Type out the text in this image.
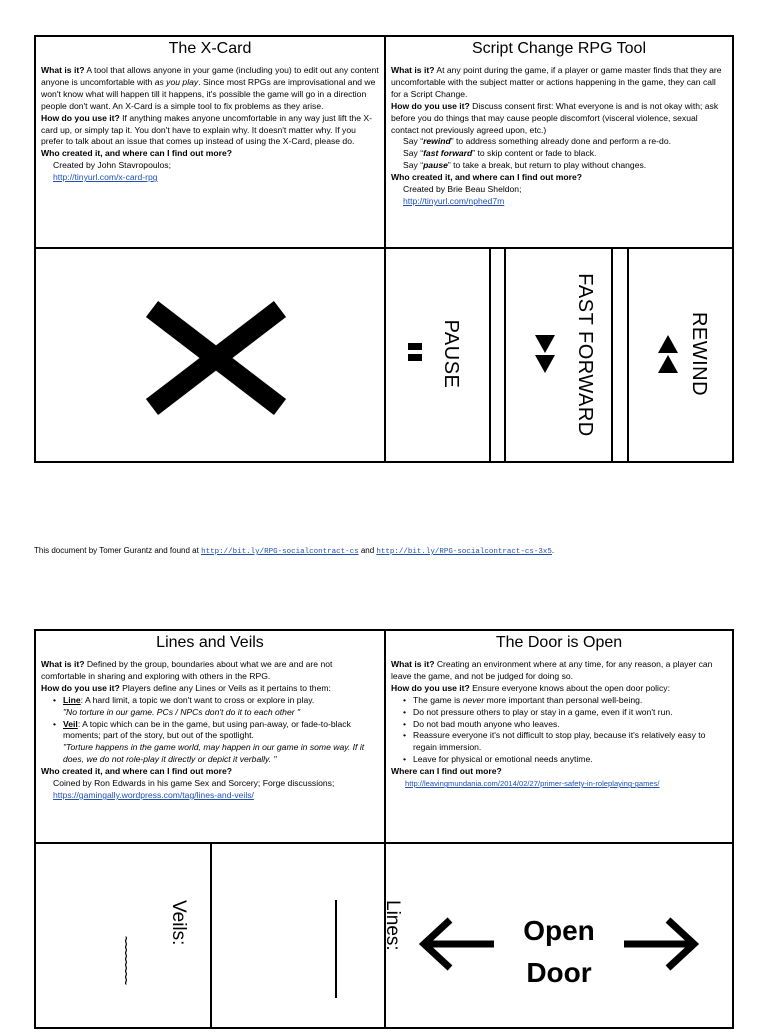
The X-Card

What is it? A tool that allows anyone in your game (including you) to edit out any content anyone is uncomfortable with as you play. Since most RPGs are improvisational and we won't know what will happen till it happens, it's possible the game will go in a direction people don't want. An X-Card is a simple tool to fix problems as they arise.

How do you use it? If anything makes anyone uncomfortable in any way just lift the X-card up, or simply tap it. You don't have to explain why. It doesn't matter why. If you prefer to talk about an issue that comes up instead of using the X-Card, please do.

Who created it, and where can I find out more?

Created by John Stavropoulos;

http://tinyurl.com/x-card-rpg

Script Change RPG Tool

What is it? At any point during the game, if a player or game master finds that they are uncomfortable with the subject matter or actions happening in the game, they can call for a Script Change.

How do you use it? Discuss consent first: What everyone is and is not okay with; ask before you do things that may cause people discomfort (visceral violence, sexual contact not previously agreed upon, etc.)

Say “rewind” to address something already done and perform a re-do.

Say “fast forward” to skip content or fade to black.

Say “pause” to take a break, but return to play without changes.

Who created it, and where can I find out more?

Created by Brie Beau Sheldon;

http://tinyurl.com/nphed7m

PAUSE	FAST FORWARD	REWIND
This document by Tomer Gurantz and found at http://bit.ly/RPG-socialcontract-cs and http://bit.ly/RPG-socialcontract-cs-3x5.
Lines and Veils

What is it? Defined by the group, boundaries about what we are and are not comfortable in sharing and exploring with others in the RPG.

How do you use it? Players define any Lines or Veils as it pertains to them:

• Line: A hard limit, a topic we don't want to cross or explore in play.

"No torture in our game. PCs / NPCs don't do it to each other "

• Veil: A topic which can be in the game, but using pan-away, or fade-to-black moments; part of the story, but out of the spotlight.

"Torture happens in the game world, may happen in our game in some way. If it does, we do not role-play it directly or depict it verbally. "

Who created it, and where can I find out more?

Coined by Ron Edwards in his game Sex and Sorcery; Forge discussions;

https://gamingally.wordpress.com/tag/lines-and-veils/

The Door is Open

What is it? Creating an environment where at any time, for any reason, a player can leave the game, and not be judged for doing so.

How do you use it? Ensure everyone knows about the open door policy:

• The game is never more important than personal well-being.

• Do not pressure others to play or stay in a game, even if it won't run.

• Do not bad mouth anyone who leaves.

• Reassure everyone it's not difficult to stop play, because it's relatively easy to regain immersion.

• Leave for physical or emotional needs anytime.

Where can I find out more?

http://leavingmundania.com/2014/02/27/primer-safety-in-roleplaying-games/

Veils:
~~~~~~~~
Lines:	Open
Door
